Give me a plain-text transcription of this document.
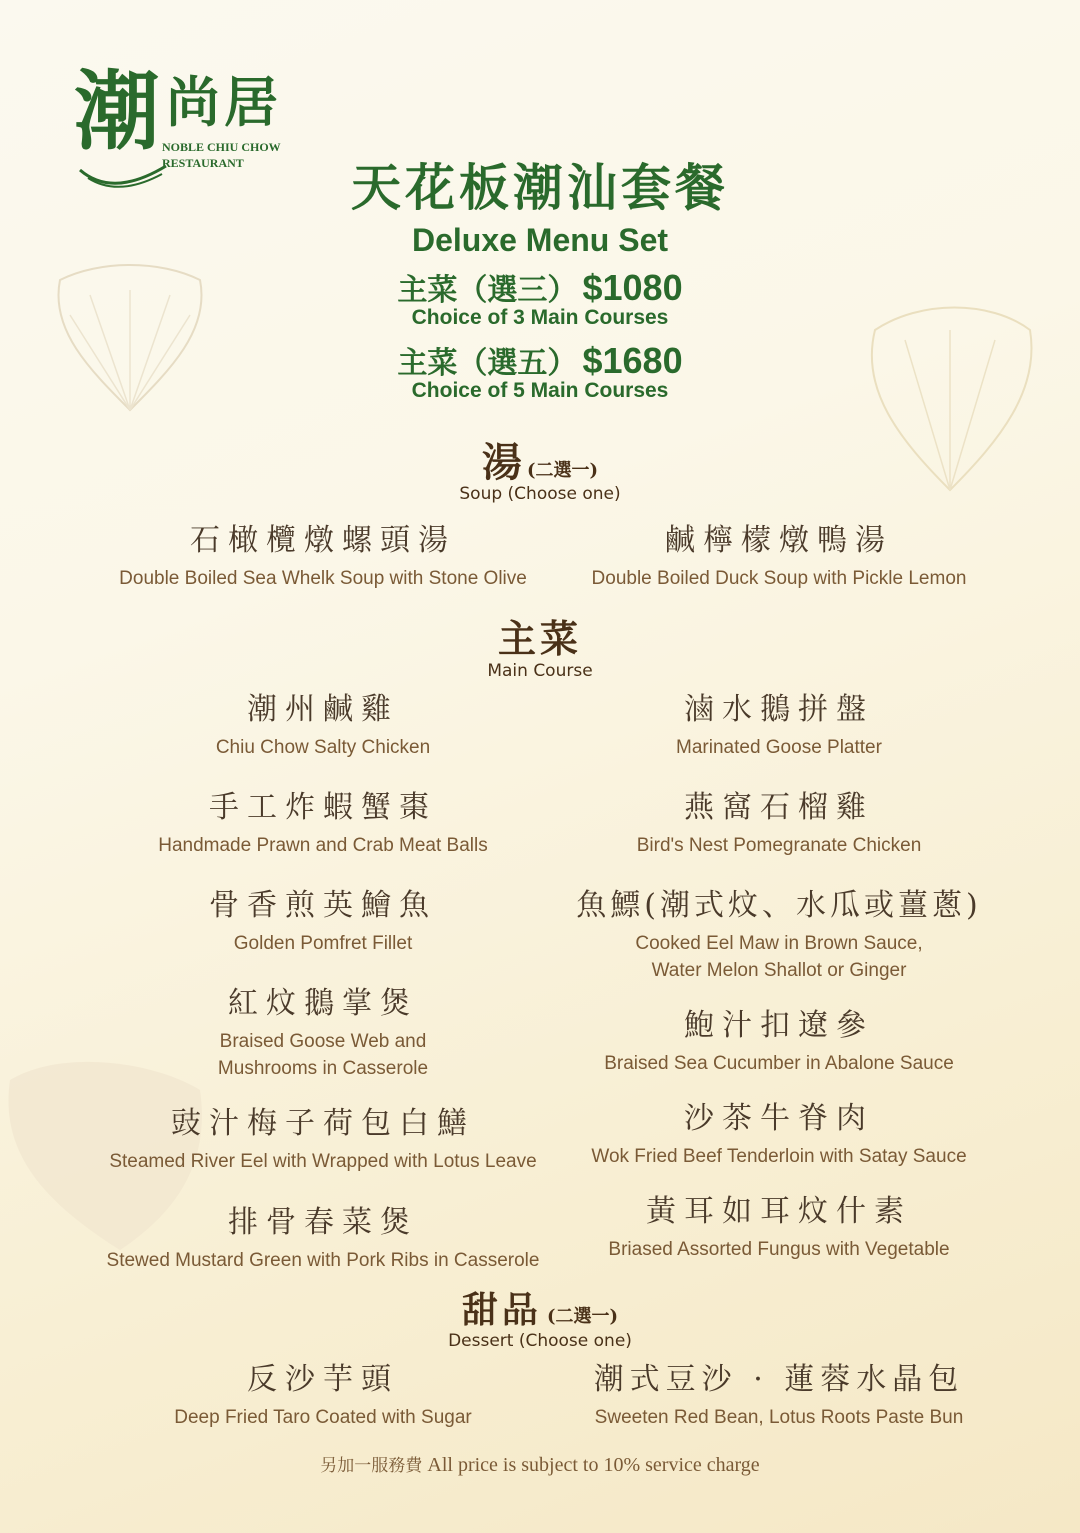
潮 尚 居
NOBLE CHIU CHOW
RESTAURANT	天花板潮汕套餐
Deluxe Menu Set
主菜（選三） $1080
Choice of 3 Main Courses
主菜（選五） $1680
Choice of 5 Main Courses
湯 (二選一)
Soup (Choose one)
石橄欖燉螺頭湯
Double Boiled Sea Whelk Soup with Stone Olive
鹹檸檬燉鴨湯
Double Boiled Duck Soup with Pickle Lemon
主菜
Main Course
潮州鹹雞
Chiu Chow Salty Chicken
手工炸蝦蟹棗
Handmade Prawn and Crab Meat Balls
骨香煎英鱠魚
Golden Pomfret Fillet
紅炆鵝掌煲
Braised Goose Web and
Mushrooms in Casserole
豉汁梅子荷包白鱔
Steamed River Eel with Wrapped with Lotus Leave
排骨春菜煲
Stewed Mustard Green with Pork Ribs in Casserole
滷水鵝拼盤
Marinated Goose Platter
燕窩石榴雞
Bird's Nest Pomegranate Chicken
魚鰾(潮式炆、水瓜或薑蔥)
Cooked Eel Maw in Brown Sauce,
Water Melon Shallot or Ginger
鮑汁扣遼參
Braised Sea Cucumber in Abalone Sauce
沙茶牛脊肉
Wok Fried Beef Tenderloin with Satay Sauce
黃耳如耳炆什素
Briased Assorted Fungus with Vegetable
甜品 (二選一)
Dessert (Choose one)
反沙芋頭
Deep Fried Taro Coated with Sugar
潮式豆沙 · 蓮蓉水晶包
Sweeten Red Bean, Lotus Roots Paste Bun
另加一服務費 All price is subject to 10% service charge
